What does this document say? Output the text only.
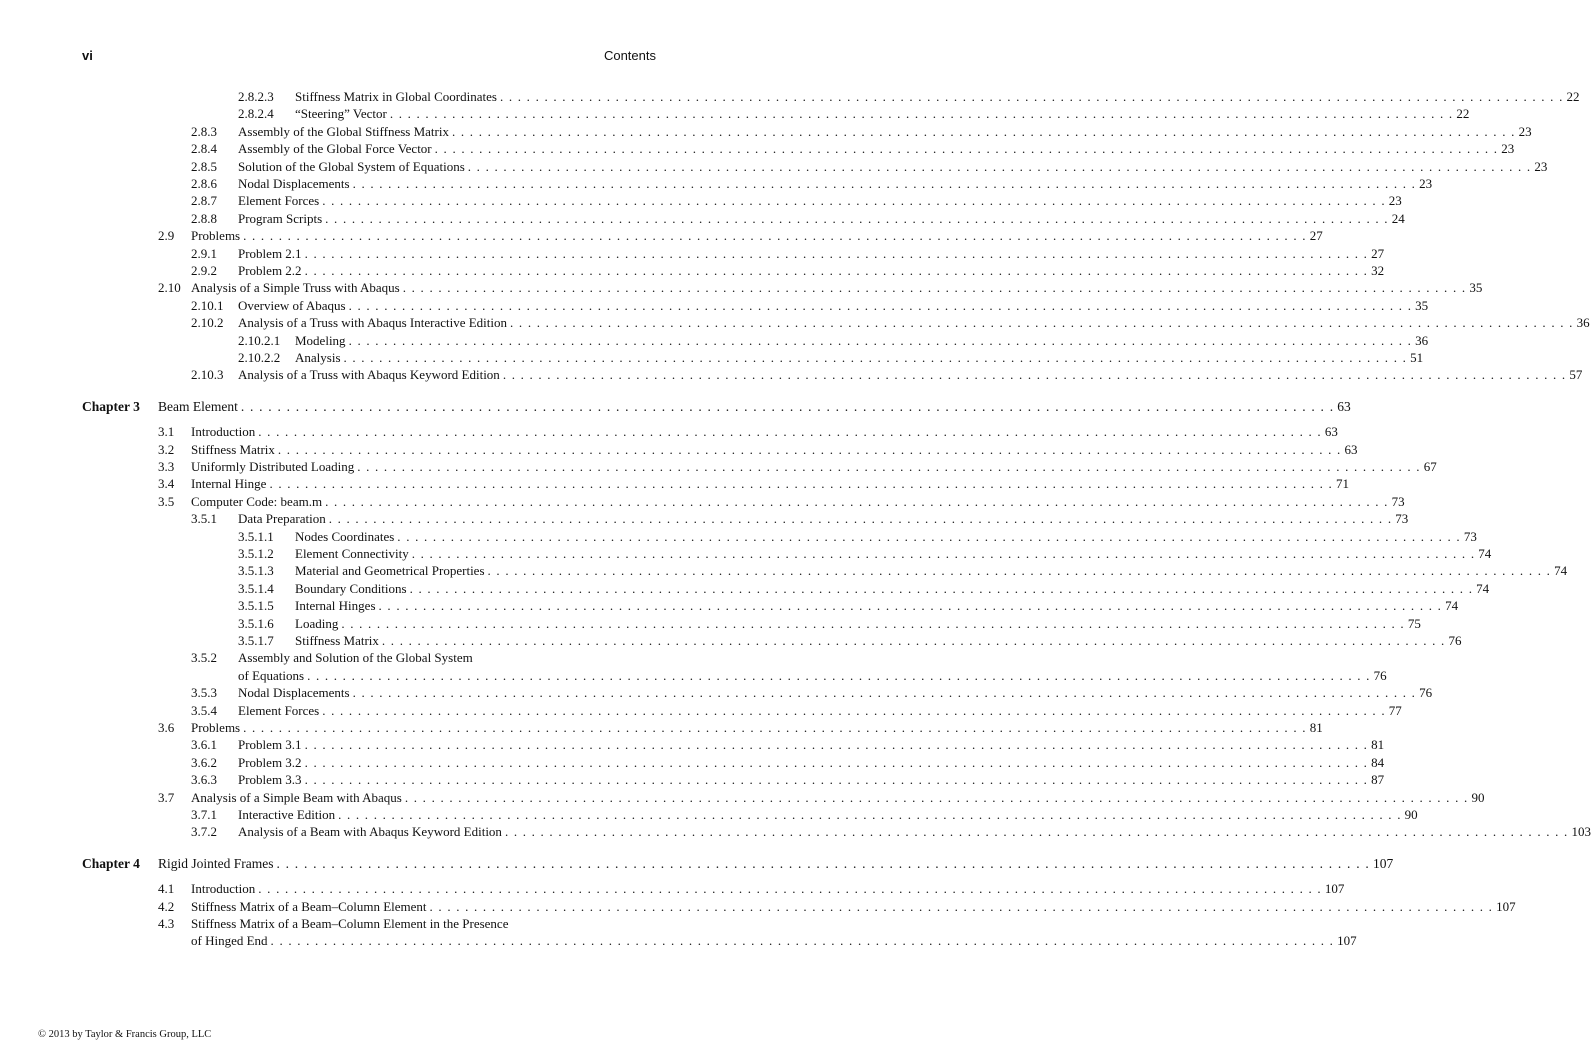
vi	Contents
2.8.2.3 Stiffness Matrix in Global Coordinates . . . . . . . . . . . . . . . . . . . . . . . . . . . . . . . . . . . . . . . . . . . . . . . . . . . . . . . . . . . . . . . . . . . . . . . . . . . . . . . . . . . . . . . . . . . . . . . . . . . . . . . . . . . . . . . . . . . . . . . . 22
2.8.2.4 “Steering” Vector . . . . . . . . . . . . . . . . . . . . . . . . . . . . . . . . . . . . . . . . . . . . . . . . . . . . . . . . . . . . . . . . . . . . . . . . . . . . . . . . . . . . . . . . . . . . . . . . . . . . . . . . . . . . . . . . . . . . . . . . 22
2.8.3 Assembly of the Global Stiffness Matrix . . . . . . . . . . . . . . . . . . . . . . . . . . . . . . . . . . . . . . . . . . . . . . . . . . . . . . . . . . . . . . . . . . . . . . . . . . . . . . . . . . . . . . . . . . . . . . . . . . . . . . . . . . . . . . . . . . . . . . . . 23
2.8.4 Assembly of the Global Force Vector . . . . . . . . . . . . . . . . . . . . . . . . . . . . . . . . . . . . . . . . . . . . . . . . . . . . . . . . . . . . . . . . . . . . . . . . . . . . . . . . . . . . . . . . . . . . . . . . . . . . . . . . . . . . . . . . . . . . . . . . 23
2.8.5 Solution of the Global System of Equations . . . . . . . . . . . . . . . . . . . . . . . . . . . . . . . . . . . . . . . . . . . . . . . . . . . . . . . . . . . . . . . . . . . . . . . . . . . . . . . . . . . . . . . . . . . . . . . . . . . . . . . . . . . . . . . . . . . . . . . . 23
2.8.6 Nodal Displacements . . . . . . . . . . . . . . . . . . . . . . . . . . . . . . . . . . . . . . . . . . . . . . . . . . . . . . . . . . . . . . . . . . . . . . . . . . . . . . . . . . . . . . . . . . . . . . . . . . . . . . . . . . . . . . . . . . . . . . . . 23
2.8.7 Element Forces . . . . . . . . . . . . . . . . . . . . . . . . . . . . . . . . . . . . . . . . . . . . . . . . . . . . . . . . . . . . . . . . . . . . . . . . . . . . . . . . . . . . . . . . . . . . . . . . . . . . . . . . . . . . . . . . . . . . . . . . 23
2.8.8 Program Scripts . . . . . . . . . . . . . . . . . . . . . . . . . . . . . . . . . . . . . . . . . . . . . . . . . . . . . . . . . . . . . . . . . . . . . . . . . . . . . . . . . . . . . . . . . . . . . . . . . . . . . . . . . . . . . . . . . . . . . . . . 24
2.9 Problems . . . . . . . . . . . . . . . . . . . . . . . . . . . . . . . . . . . . . . . . . . . . . . . . . . . . . . . . . . . . . . . . . . . . . . . . . . . . . . . . . . . . . . . . . . . . . . . . . . . . . . . . . . . . . . . . . . . . . . . . 27
2.9.1 Problem 2.1 . . . . . . . . . . . . . . . . . . . . . . . . . . . . . . . . . . . . . . . . . . . . . . . . . . . . . . . . . . . . . . . . . . . . . . . . . . . . . . . . . . . . . . . . . . . . . . . . . . . . . . . . . . . . . . . . . . . . . . . . 27
2.9.2 Problem 2.2 . . . . . . . . . . . . . . . . . . . . . . . . . . . . . . . . . . . . . . . . . . . . . . . . . . . . . . . . . . . . . . . . . . . . . . . . . . . . . . . . . . . . . . . . . . . . . . . . . . . . . . . . . . . . . . . . . . . . . . . . 32
2.10 Analysis of a Simple Truss with Abaqus . . . . . . . . . . . . . . . . . . . . . . . . . . . . . . . . . . . . . . . . . . . . . . . . . . . . . . . . . . . . . . . . . . . . . . . . . . . . . . . . . . . . . . . . . . . . . . . . . . . . . . . . . . . . . . . . . . . . . . . . 35
2.10.1 Overview of Abaqus . . . . . . . . . . . . . . . . . . . . . . . . . . . . . . . . . . . . . . . . . . . . . . . . . . . . . . . . . . . . . . . . . . . . . . . . . . . . . . . . . . . . . . . . . . . . . . . . . . . . . . . . . . . . . . . . . . . . . . . . 35
2.10.2 Analysis of a Truss with Abaqus Interactive Edition . . . . . . . . . . . . . . . . . . . . . . . . . . . . . . . . . . . . . . . . . . . . . . . . . . . . . . . . . . . . . . . . . . . . . . . . . . . . . . . . . . . . . . . . . . . . . . . . . . . . . . . . . . . . . . . . . . . . . . . . 36
2.10.2.1 Modeling . . . . . . . . . . . . . . . . . . . . . . . . . . . . . . . . . . . . . . . . . . . . . . . . . . . . . . . . . . . . . . . . . . . . . . . . . . . . . . . . . . . . . . . . . . . . . . . . . . . . . . . . . . . . . . . . . . . . . . . . 36
2.10.2.2 Analysis . . . . . . . . . . . . . . . . . . . . . . . . . . . . . . . . . . . . . . . . . . . . . . . . . . . . . . . . . . . . . . . . . . . . . . . . . . . . . . . . . . . . . . . . . . . . . . . . . . . . . . . . . . . . . . . . . . . . . . . . 51
2.10.3 Analysis of a Truss with Abaqus Keyword Edition . . . . . . . . . . . . . . . . . . . . . . . . . . . . . . . . . . . . . . . . . . . . . . . . . . . . . . . . . . . . . . . . . . . . . . . . . . . . . . . . . . . . . . . . . . . . . . . . . . . . . . . . . . . . . . . . . . . . . . . . 57
Chapter 3 Beam Element . . . . . . . . . . . . . . . . . . . . . . . . . . . . . . . . . . . . . . . . . . . . . . . . . . . . . . . . . . . . . . . . . . . . . . . . . . . . . . . . . . . . . . . . . . . . . . . . . . . . . . . . . . . . . . . . . . . . . . . . 63
3.1 Introduction . . . . . . . . . . . . . . . . . . . . . . . . . . . . . . . . . . . . . . . . . . . . . . . . . . . . . . . . . . . . . . . . . . . . . . . . . . . . . . . . . . . . . . . . . . . . . . . . . . . . . . . . . . . . . . . . . . . . . . . . 63
3.2 Stiffness Matrix . . . . . . . . . . . . . . . . . . . . . . . . . . . . . . . . . . . . . . . . . . . . . . . . . . . . . . . . . . . . . . . . . . . . . . . . . . . . . . . . . . . . . . . . . . . . . . . . . . . . . . . . . . . . . . . . . . . . . . . . 63
3.3 Uniformly Distributed Loading . . . . . . . . . . . . . . . . . . . . . . . . . . . . . . . . . . . . . . . . . . . . . . . . . . . . . . . . . . . . . . . . . . . . . . . . . . . . . . . . . . . . . . . . . . . . . . . . . . . . . . . . . . . . . . . . . . . . . . . . 67
3.4 Internal Hinge . . . . . . . . . . . . . . . . . . . . . . . . . . . . . . . . . . . . . . . . . . . . . . . . . . . . . . . . . . . . . . . . . . . . . . . . . . . . . . . . . . . . . . . . . . . . . . . . . . . . . . . . . . . . . . . . . . . . . . . . 71
3.5 Computer Code: beam.m . . . . . . . . . . . . . . . . . . . . . . . . . . . . . . . . . . . . . . . . . . . . . . . . . . . . . . . . . . . . . . . . . . . . . . . . . . . . . . . . . . . . . . . . . . . . . . . . . . . . . . . . . . . . . . . . . . . . . . . . 73
3.5.1 Data Preparation . . . . . . . . . . . . . . . . . . . . . . . . . . . . . . . . . . . . . . . . . . . . . . . . . . . . . . . . . . . . . . . . . . . . . . . . . . . . . . . . . . . . . . . . . . . . . . . . . . . . . . . . . . . . . . . . . . . . . . . . 73
3.5.1.1 Nodes Coordinates . . . . . . . . . . . . . . . . . . . . . . . . . . . . . . . . . . . . . . . . . . . . . . . . . . . . . . . . . . . . . . . . . . . . . . . . . . . . . . . . . . . . . . . . . . . . . . . . . . . . . . . . . . . . . . . . . . . . . . . . 73
3.5.1.2 Element Connectivity . . . . . . . . . . . . . . . . . . . . . . . . . . . . . . . . . . . . . . . . . . . . . . . . . . . . . . . . . . . . . . . . . . . . . . . . . . . . . . . . . . . . . . . . . . . . . . . . . . . . . . . . . . . . . . . . . . . . . . . . 74
3.5.1.3 Material and Geometrical Properties . . . . . . . . . . . . . . . . . . . . . . . . . . . . . . . . . . . . . . . . . . . . . . . . . . . . . . . . . . . . . . . . . . . . . . . . . . . . . . . . . . . . . . . . . . . . . . . . . . . . . . . . . . . . . . . . . . . . . . . . 74
3.5.1.4 Boundary Conditions . . . . . . . . . . . . . . . . . . . . . . . . . . . . . . . . . . . . . . . . . . . . . . . . . . . . . . . . . . . . . . . . . . . . . . . . . . . . . . . . . . . . . . . . . . . . . . . . . . . . . . . . . . . . . . . . . . . . . . . . 74
3.5.1.5 Internal Hinges . . . . . . . . . . . . . . . . . . . . . . . . . . . . . . . . . . . . . . . . . . . . . . . . . . . . . . . . . . . . . . . . . . . . . . . . . . . . . . . . . . . . . . . . . . . . . . . . . . . . . . . . . . . . . . . . . . . . . . . . 74
3.5.1.6 Loading . . . . . . . . . . . . . . . . . . . . . . . . . . . . . . . . . . . . . . . . . . . . . . . . . . . . . . . . . . . . . . . . . . . . . . . . . . . . . . . . . . . . . . . . . . . . . . . . . . . . . . . . . . . . . . . . . . . . . . . . 75
3.5.1.7 Stiffness Matrix . . . . . . . . . . . . . . . . . . . . . . . . . . . . . . . . . . . . . . . . . . . . . . . . . . . . . . . . . . . . . . . . . . . . . . . . . . . . . . . . . . . . . . . . . . . . . . . . . . . . . . . . . . . . . . . . . . . . . . . . 76
3.5.2 Assembly and Solution of the Global System
of Equations . . . . . . . . . . . . . . . . . . . . . . . . . . . . . . . . . . . . . . . . . . . . . . . . . . . . . . . . . . . . . . . . . . . . . . . . . . . . . . . . . . . . . . . . . . . . . . . . . . . . . . . . . . . . . . . . . . . . . . . . 76
3.5.3 Nodal Displacements . . . . . . . . . . . . . . . . . . . . . . . . . . . . . . . . . . . . . . . . . . . . . . . . . . . . . . . . . . . . . . . . . . . . . . . . . . . . . . . . . . . . . . . . . . . . . . . . . . . . . . . . . . . . . . . . . . . . . . . . 76
3.5.4 Element Forces . . . . . . . . . . . . . . . . . . . . . . . . . . . . . . . . . . . . . . . . . . . . . . . . . . . . . . . . . . . . . . . . . . . . . . . . . . . . . . . . . . . . . . . . . . . . . . . . . . . . . . . . . . . . . . . . . . . . . . . . 77
3.6 Problems . . . . . . . . . . . . . . . . . . . . . . . . . . . . . . . . . . . . . . . . . . . . . . . . . . . . . . . . . . . . . . . . . . . . . . . . . . . . . . . . . . . . . . . . . . . . . . . . . . . . . . . . . . . . . . . . . . . . . . . . 81
3.6.1 Problem 3.1 . . . . . . . . . . . . . . . . . . . . . . . . . . . . . . . . . . . . . . . . . . . . . . . . . . . . . . . . . . . . . . . . . . . . . . . . . . . . . . . . . . . . . . . . . . . . . . . . . . . . . . . . . . . . . . . . . . . . . . . . 81
3.6.2 Problem 3.2 . . . . . . . . . . . . . . . . . . . . . . . . . . . . . . . . . . . . . . . . . . . . . . . . . . . . . . . . . . . . . . . . . . . . . . . . . . . . . . . . . . . . . . . . . . . . . . . . . . . . . . . . . . . . . . . . . . . . . . . . 84
3.6.3 Problem 3.3 . . . . . . . . . . . . . . . . . . . . . . . . . . . . . . . . . . . . . . . . . . . . . . . . . . . . . . . . . . . . . . . . . . . . . . . . . . . . . . . . . . . . . . . . . . . . . . . . . . . . . . . . . . . . . . . . . . . . . . . . 87
3.7 Analysis of a Simple Beam with Abaqus . . . . . . . . . . . . . . . . . . . . . . . . . . . . . . . . . . . . . . . . . . . . . . . . . . . . . . . . . . . . . . . . . . . . . . . . . . . . . . . . . . . . . . . . . . . . . . . . . . . . . . . . . . . . . . . . . . . . . . . . 90
3.7.1 Interactive Edition . . . . . . . . . . . . . . . . . . . . . . . . . . . . . . . . . . . . . . . . . . . . . . . . . . . . . . . . . . . . . . . . . . . . . . . . . . . . . . . . . . . . . . . . . . . . . . . . . . . . . . . . . . . . . . . . . . . . . . . . 90
3.7.2 Analysis of a Beam with Abaqus Keyword Edition . . . . . . . . . . . . . . . . . . . . . . . . . . . . . . . . . . . . . . . . . . . . . . . . . . . . . . . . . . . . . . . . . . . . . . . . . . . . . . . . . . . . . . . . . . . . . . . . . . . . . . . . . . . . . . . . . . . . . . . . 103
Chapter 4 Rigid Jointed Frames . . . . . . . . . . . . . . . . . . . . . . . . . . . . . . . . . . . . . . . . . . . . . . . . . . . . . . . . . . . . . . . . . . . . . . . . . . . . . . . . . . . . . . . . . . . . . . . . . . . . . . . . . . . . . . . . . . . . . . . . 107
4.1 Introduction . . . . . . . . . . . . . . . . . . . . . . . . . . . . . . . . . . . . . . . . . . . . . . . . . . . . . . . . . . . . . . . . . . . . . . . . . . . . . . . . . . . . . . . . . . . . . . . . . . . . . . . . . . . . . . . . . . . . . . . . 107
4.2 Stiffness Matrix of a Beam–Column Element . . . . . . . . . . . . . . . . . . . . . . . . . . . . . . . . . . . . . . . . . . . . . . . . . . . . . . . . . . . . . . . . . . . . . . . . . . . . . . . . . . . . . . . . . . . . . . . . . . . . . . . . . . . . . . . . . . . . . . . . 107
4.3 Stiffness Matrix of a Beam–Column Element in the Presence
of Hinged End . . . . . . . . . . . . . . . . . . . . . . . . . . . . . . . . . . . . . . . . . . . . . . . . . . . . . . . . . . . . . . . . . . . . . . . . . . . . . . . . . . . . . . . . . . . . . . . . . . . . . . . . . . . . . . . . . . . . . . . . 107
© 2013 by Taylor & Francis Group, LLC
